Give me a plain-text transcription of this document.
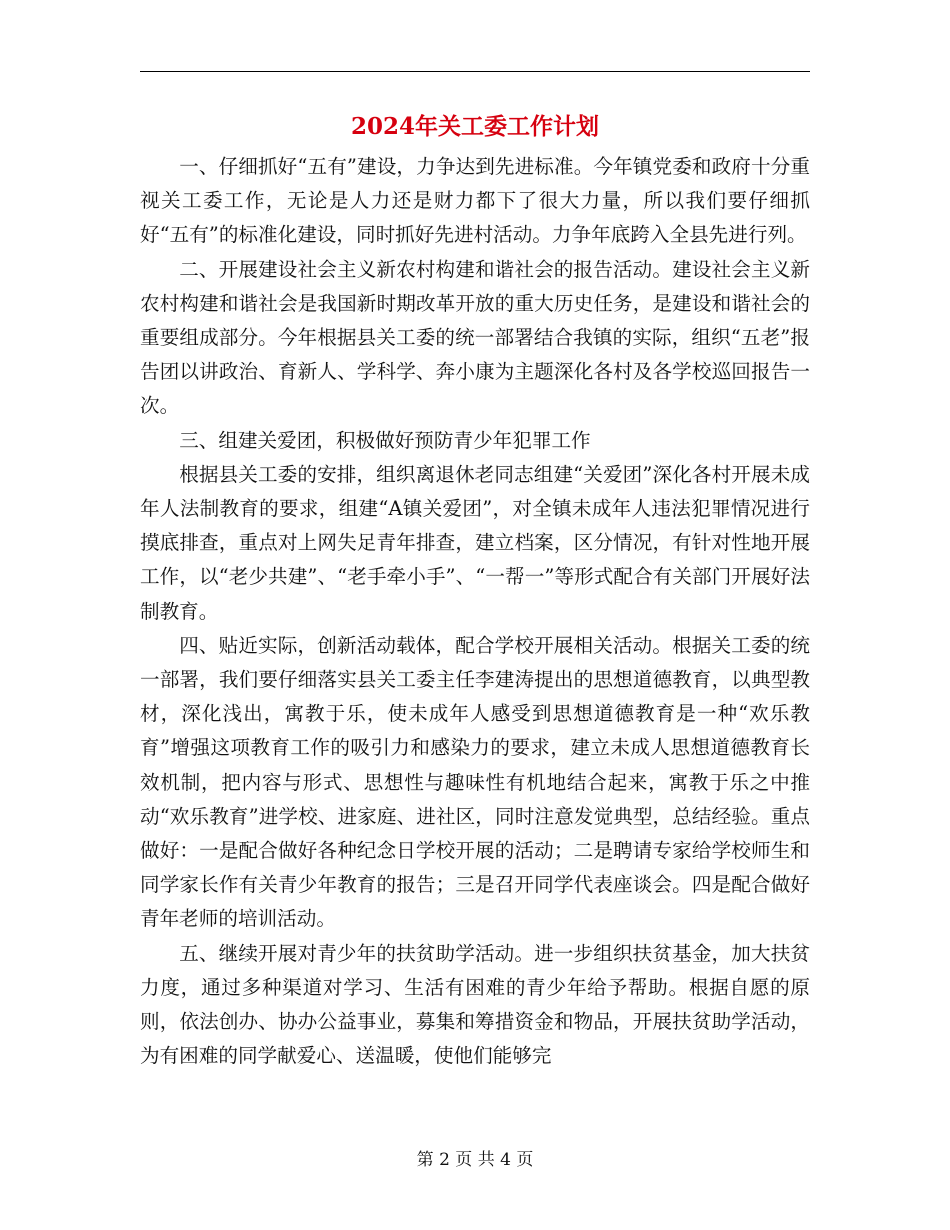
2024年关工委工作计划

一、仔细抓好“五有”建设，力争达到先进标准。今年镇党委和政府十分重视关工委工作，无论是人力还是财力都下了很大力量，所以我们要仔细抓好“五有”的标准化建设，同时抓好先进村活动。力争年底跨入全县先进行列。

二、开展建设社会主义新农村构建和谐社会的报告活动。建设社会主义新农村构建和谐社会是我国新时期改革开放的重大历史任务，是建设和谐社会的重要组成部分。今年根据县关工委的统一部署结合我镇的实际，组织“五老”报告团以讲政治、育新人、学科学、奔小康为主题深化各村及各学校巡回报告一次。

三、组建关爱团，积极做好预防青少年犯罪工作

根据县关工委的安排，组织离退休老同志组建“关爱团”深化各村开展未成年人法制教育的要求，组建“A镇关爱团”，对全镇未成年人违法犯罪情况进行摸底排查，重点对上网失足青年排查，建立档案，区分情况，有针对性地开展工作，以“老少共建”、“老手牵小手”、“一帮一”等形式配合有关部门开展好法制教育。

四、贴近实际，创新活动载体，配合学校开展相关活动。根据关工委的统一部署，我们要仔细落实县关工委主任李建涛提出的思想道德教育，以典型教材，深化浅出，寓教于乐，使未成年人感受到思想道德教育是一种“欢乐教育”增强这项教育工作的吸引力和感染力的要求，建立未成人思想道德教育长效机制，把内容与形式、思想性与趣味性有机地结合起来，寓教于乐之中推动“欢乐教育”进学校、进家庭、进社区，同时注意发觉典型，总结经验。重点做好：一是配合做好各种纪念日学校开展的活动；二是聘请专家给学校师生和同学家长作有关青少年教育的报告；三是召开同学代表座谈会。四是配合做好青年老师的培训活动。

五、继续开展对青少年的扶贫助学活动。进一步组织扶贫基金，加大扶贫力度，通过多种渠道对学习、生活有困难的青少年给予帮助。根据自愿的原则，依法创办、协办公益事业，募集和筹措资金和物品，开展扶贫助学活动，为有困难的同学献爱心、送温暖，使他们能够完

第 2 页 共 4 页
